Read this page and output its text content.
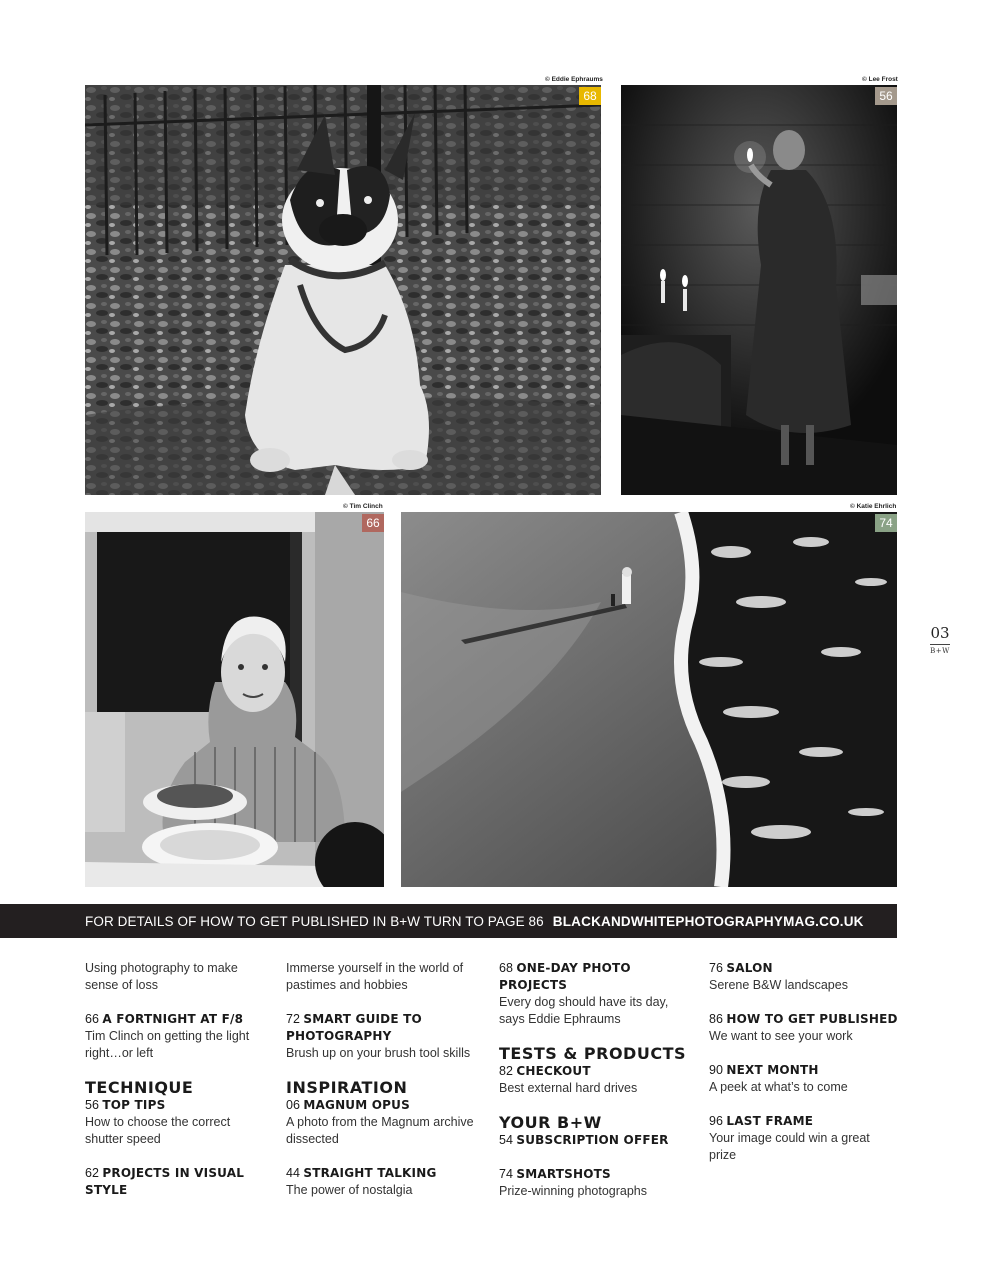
© Eddie Ephraums
68
© Lee Frost
56
© Tim Clinch
66
© Katie Ehrlich
74
03
B+W
FOR DETAILS OF HOW TO GET PUBLISHED IN B+W TURN TO PAGE 86 BLACKANDWHITEPHOTOGRAPHYMAG.CO.UK
Using photography to make sense of loss
66 A FORTNIGHT AT F/8
Tim Clinch on getting the light right…or left
TECHNIQUE
56 TOP TIPS
How to choose the correct shutter speed
62 PROJECTS IN VISUAL STYLE
Immerse yourself in the world of pastimes and hobbies
72 SMART GUIDE TO PHOTOGRAPHY
Brush up on your brush tool skills
INSPIRATION
06 MAGNUM OPUS
A photo from the Magnum archive dissected
44 STRAIGHT TALKING
The power of nostalgia
68 ONE-DAY PHOTO PROJECTS
Every dog should have its day, says Eddie Ephraums
TESTS & PRODUCTS
82 CHECKOUT
Best external hard drives
YOUR B+W
54 SUBSCRIPTION OFFER
74 SMARTSHOTS
Prize-winning photographs
76 SALON
Serene B&W landscapes
86 HOW TO GET PUBLISHED
We want to see your work
90 NEXT MONTH
A peek at what’s to come
96 LAST FRAME
Your image could win a great prize
